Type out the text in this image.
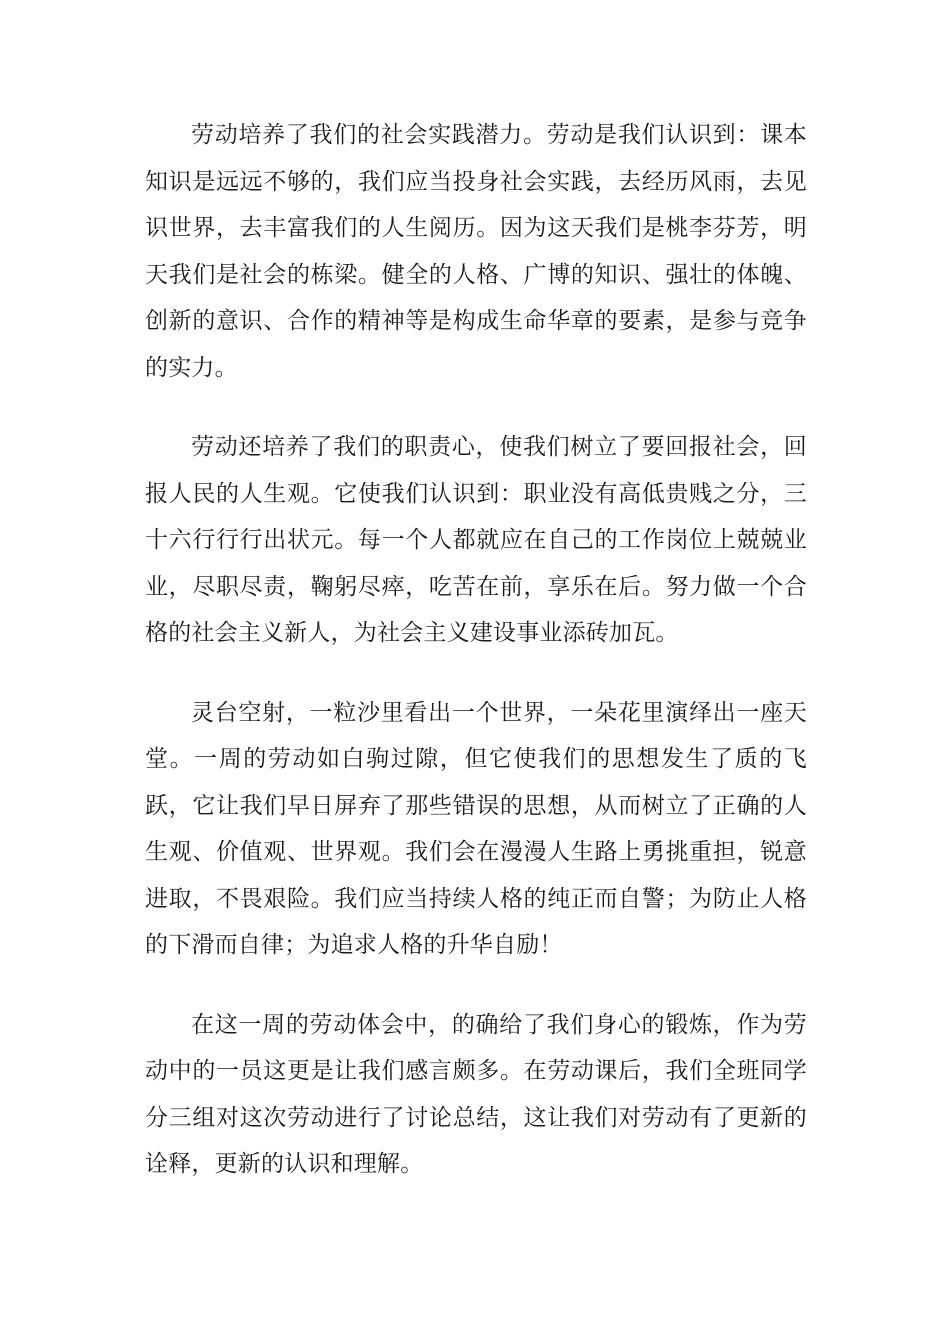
劳动培养了我们的社会实践潜力。劳动是我们认识到：课本知识是远远不够的，我们应当投身社会实践，去经历风雨，去见识世界，去丰富我们的人生阅历。因为这天我们是桃李芬芳，明天我们是社会的栋梁。健全的人格、广博的知识、强壮的体魄、创新的意识、合作的精神等是构成生命华章的要素，是参与竞争的实力。

劳动还培养了我们的职责心，使我们树立了要回报社会，回报人民的人生观。它使我们认识到：职业没有高低贵贱之分，三十六行行行出状元。每一个人都就应在自己的工作岗位上兢兢业业，尽职尽责，鞠躬尽瘁，吃苦在前，享乐在后。努力做一个合格的社会主义新人，为社会主义建设事业添砖加瓦。

灵台空射，一粒沙里看出一个世界，一朵花里演绎出一座天堂。一周的劳动如白驹过隙，但它使我们的思想发生了质的飞跃，它让我们早日屏弃了那些错误的思想，从而树立了正确的人生观、价值观、世界观。我们会在漫漫人生路上勇挑重担，锐意进取，不畏艰险。我们应当持续人格的纯正而自警；为防止人格的下滑而自律；为追求人格的升华自励！

在这一周的劳动体会中，的确给了我们身心的锻炼，作为劳动中的一员这更是让我们感言颇多。在劳动课后，我们全班同学分三组对这次劳动进行了讨论总结，这让我们对劳动有了更新的诠释，更新的认识和理解。
